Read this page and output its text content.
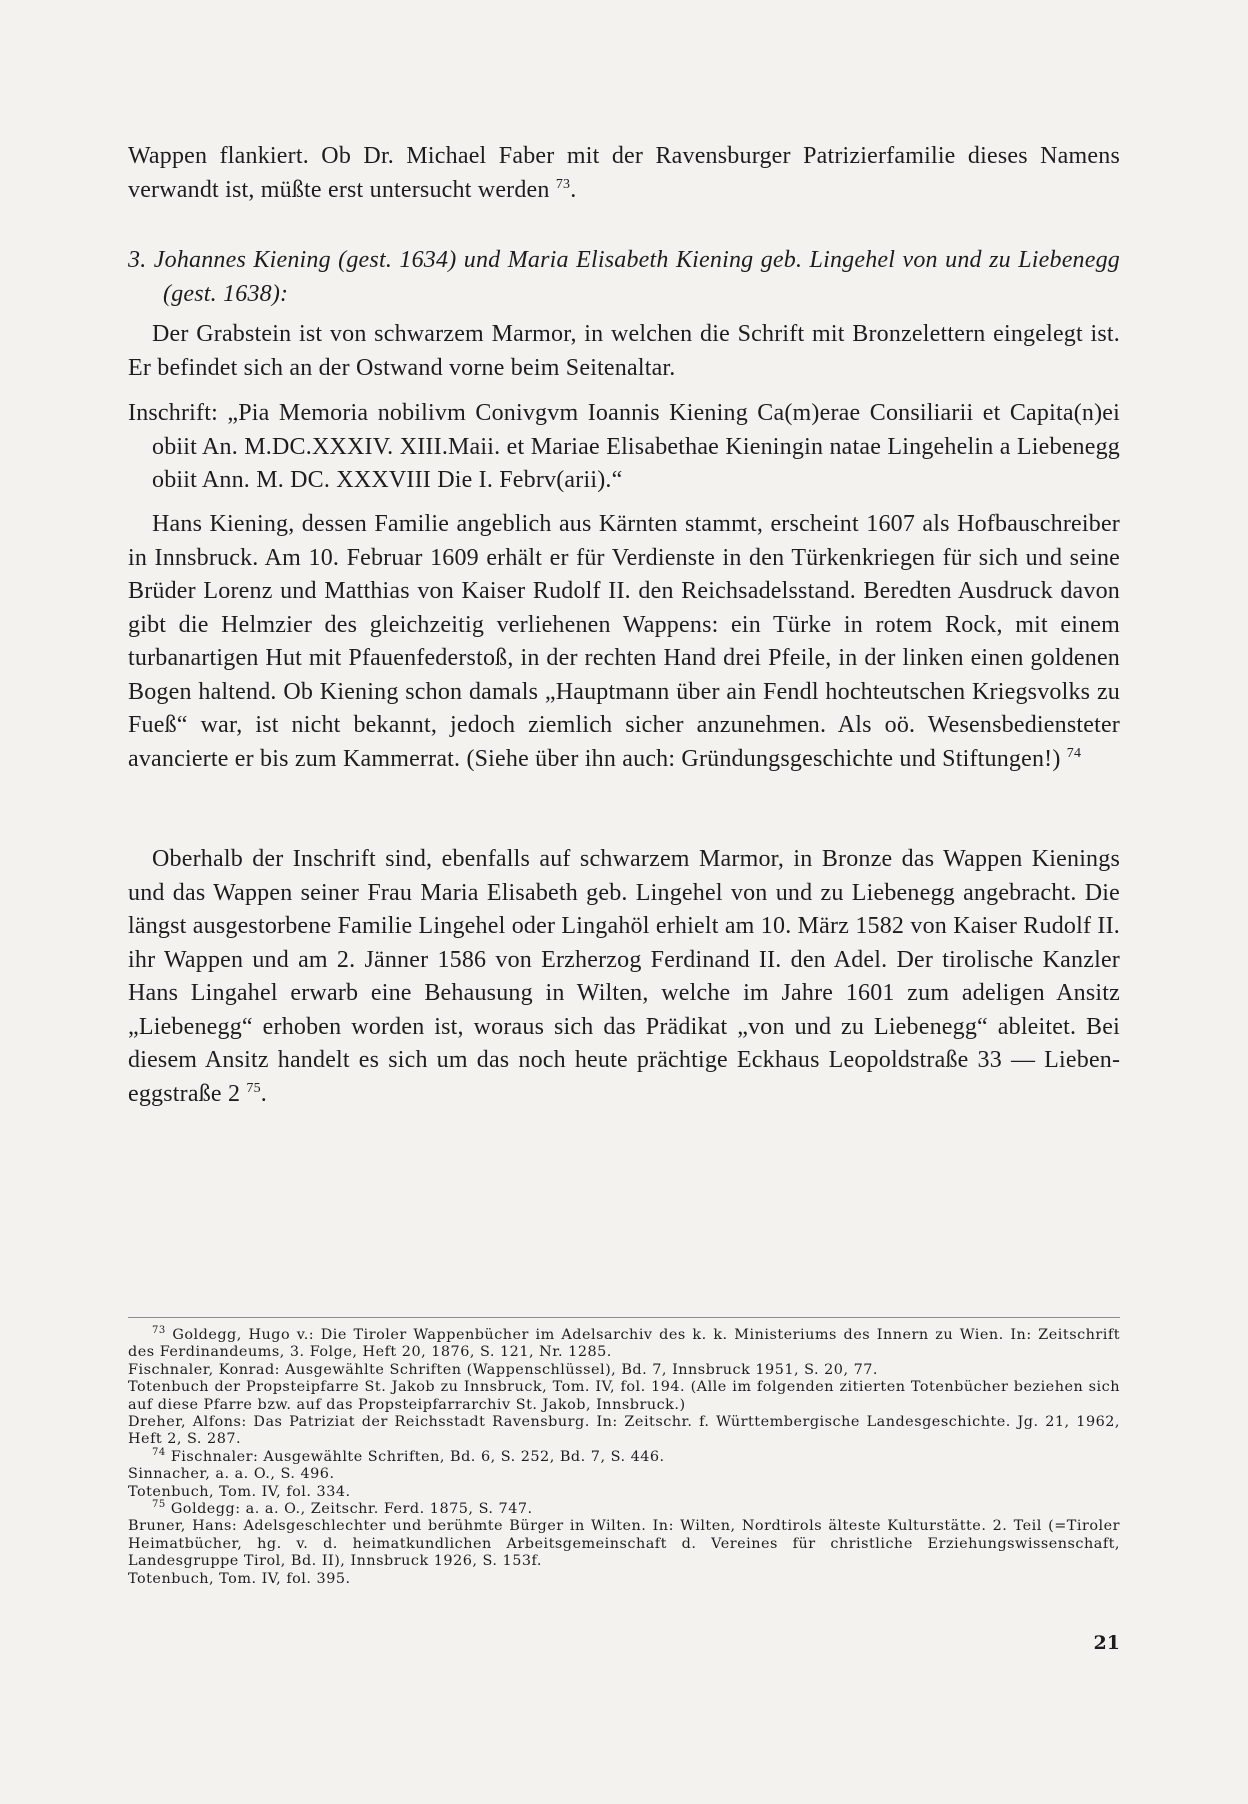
Wappen flankiert. Ob Dr. Michael Faber mit der Ravensburger Patrizierfamilie dieses Namens verwandt ist, müßte erst untersucht werden $^{73}$.

3. Johannes Kiening (gest. 1634) und Maria Elisabeth Kiening geb. Lingehel von und zu Liebenegg (gest. 1638):

Der Grabstein ist von schwarzem Marmor, in welchen die Schrift mit Bronzelettern eingelegt ist. Er befindet sich an der Ostwand vorne beim Seitenaltar.

Inschrift: „Pia Memoria nobilivm Conivgvm Ioannis Kiening Ca(m)erae Consiliarii et Capita(n)ei obiit An. M.DC.XXXIV. XIII.Maii. et Mariae Elisabethae Kieningin natae Lingehelin a Liebenegg obiit Ann. M. DC. XXXVIII Die I. Febrv(arii).“

Hans Kiening, dessen Familie angeblich aus Kärnten stammt, erscheint 1607 als Hofbauschreiber in Innsbruck. Am 10. Februar 1609 erhält er für Verdienste in den Türkenkriegen für sich und seine Brüder Lorenz und Matthias von Kaiser Rudolf II. den Reichsadelsstand. Beredten Ausdruck davon gibt die Helmzier des gleichzeitig verliehenen Wappens: ein Türke in rotem Rock, mit einem turbanartigen Hut mit Pfauenfederstoß, in der rechten Hand drei Pfeile, in der linken einen goldenen Bogen haltend. Ob Kiening schon damals „Hauptmann über ain Fendl hochteutschen Kriegsvolks zu Fueß“ war, ist nicht bekannt, jedoch ziemlich sicher anzunehmen. Als oö. Wesensbediensteter avancierte er bis zum Kammerrat. (Siehe über ihn auch: Gründungsgeschichte und Stiftungen!) $^{74}$

Oberhalb der Inschrift sind, ebenfalls auf schwarzem Marmor, in Bronze das Wappen Kienings und das Wappen seiner Frau Maria Elisabeth geb. Lingehel von und zu Liebenegg angebracht. Die längst ausgestorbene Familie Lingehel oder Lingahöl erhielt am 10. März 1582 von Kaiser Rudolf II. ihr Wappen und am 2. Jänner 1586 von Erzherzog Ferdinand II. den Adel. Der tirolische Kanzler Hans Lingahel erwarb eine Behausung in Wilten, welche im Jahre 1601 zum adeligen Ansitz „Liebenegg“ erhoben worden ist, woraus sich das Prädikat „von und zu Liebenegg“ ableitet. Bei diesem Ansitz handelt es sich um das noch heute prächtige Eckhaus Leopoldstraße 33 — Liebeneggstraße 2 $^{75}$.

$^{73}$ Goldegg, Hugo v.: Die Tiroler Wappenbücher im Adelsarchiv des k. k. Ministeriums des Innern zu Wien. In: Zeitschrift des Ferdinandeums, 3. Folge, Heft 20, 1876, S. 121, Nr. 1285.

Fischnaler, Konrad: Ausgewählte Schriften (Wappenschlüssel), Bd. 7, Innsbruck 1951, S. 20, 77.

Totenbuch der Propsteipfarre St. Jakob zu Innsbruck, Tom. IV, fol. 194. (Alle im folgenden zitierten Totenbücher beziehen sich auf diese Pfarre bzw. auf das Propsteipfarrarchiv St. Jakob, Innsbruck.)

Dreher, Alfons: Das Patriziat der Reichsstadt Ravensburg. In: Zeitschr. f. Württembergische Landesgeschichte. Jg. 21, 1962, Heft 2, S. 287.

$^{74}$ Fischnaler: Ausgewählte Schriften, Bd. 6, S. 252, Bd. 7, S. 446.

Sinnacher, a. a. O., S. 496.

Totenbuch, Tom. IV, fol. 334.

$^{75}$ Goldegg: a. a. O., Zeitschr. Ferd. 1875, S. 747.

Bruner, Hans: Adelsgeschlechter und berühmte Bürger in Wilten. In: Wilten, Nordtirols älteste Kulturstätte. 2. Teil (=Tiroler Heimatbücher, hg. v. d. heimatkundlichen Arbeitsgemeinschaft d. Vereines für christliche Erziehungswissenschaft, Landesgruppe Tirol, Bd. II), Innsbruck 1926, S. 153f.

Totenbuch, Tom. IV, fol. 395.

21
